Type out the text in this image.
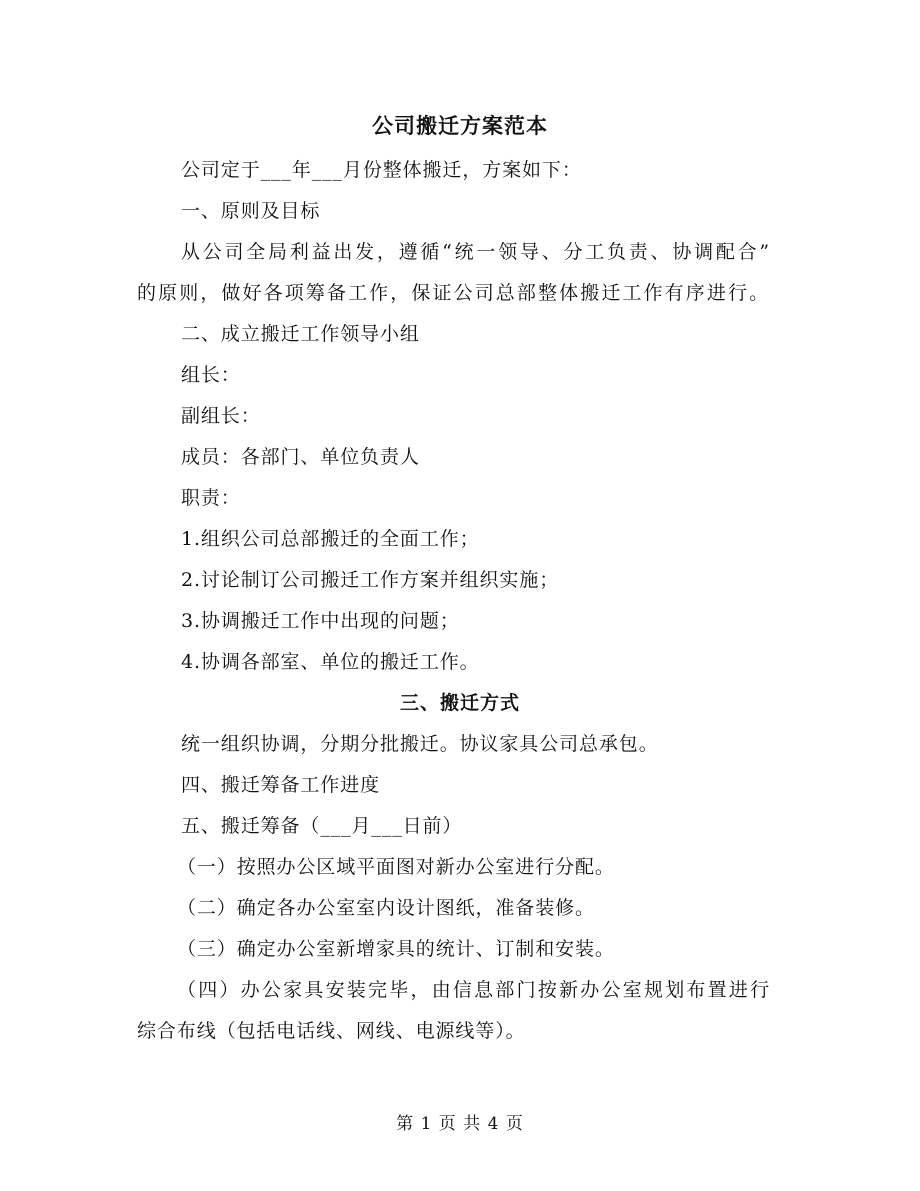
公司搬迁方案范本
公司定于___年___月份整体搬迁，方案如下：
一、原则及目标
从公司全局利益出发，遵循“统一领导、分工负责、协调配合”
的原则，做好各项筹备工作，保证公司总部整体搬迁工作有序进行。
二、成立搬迁工作领导小组
组长：
副组长：
成员：各部门、单位负责人
职责：
1.组织公司总部搬迁的全面工作；
2.讨论制订公司搬迁工作方案并组织实施；
3.协调搬迁工作中出现的问题；
4.协调各部室、单位的搬迁工作。
三、搬迁方式
统一组织协调，分期分批搬迁。协议家具公司总承包。
四、搬迁筹备工作进度
五、搬迁筹备（___月___日前）
（一）按照办公区域平面图对新办公室进行分配。
（二）确定各办公室室内设计图纸，准备装修。
（三）确定办公室新增家具的统计、订制和安装。
（四）办公家具安装完毕，由信息部门按新办公室规划布置进行
综合布线（包括电话线、网线、电源线等）。
第 1 页 共 4 页
